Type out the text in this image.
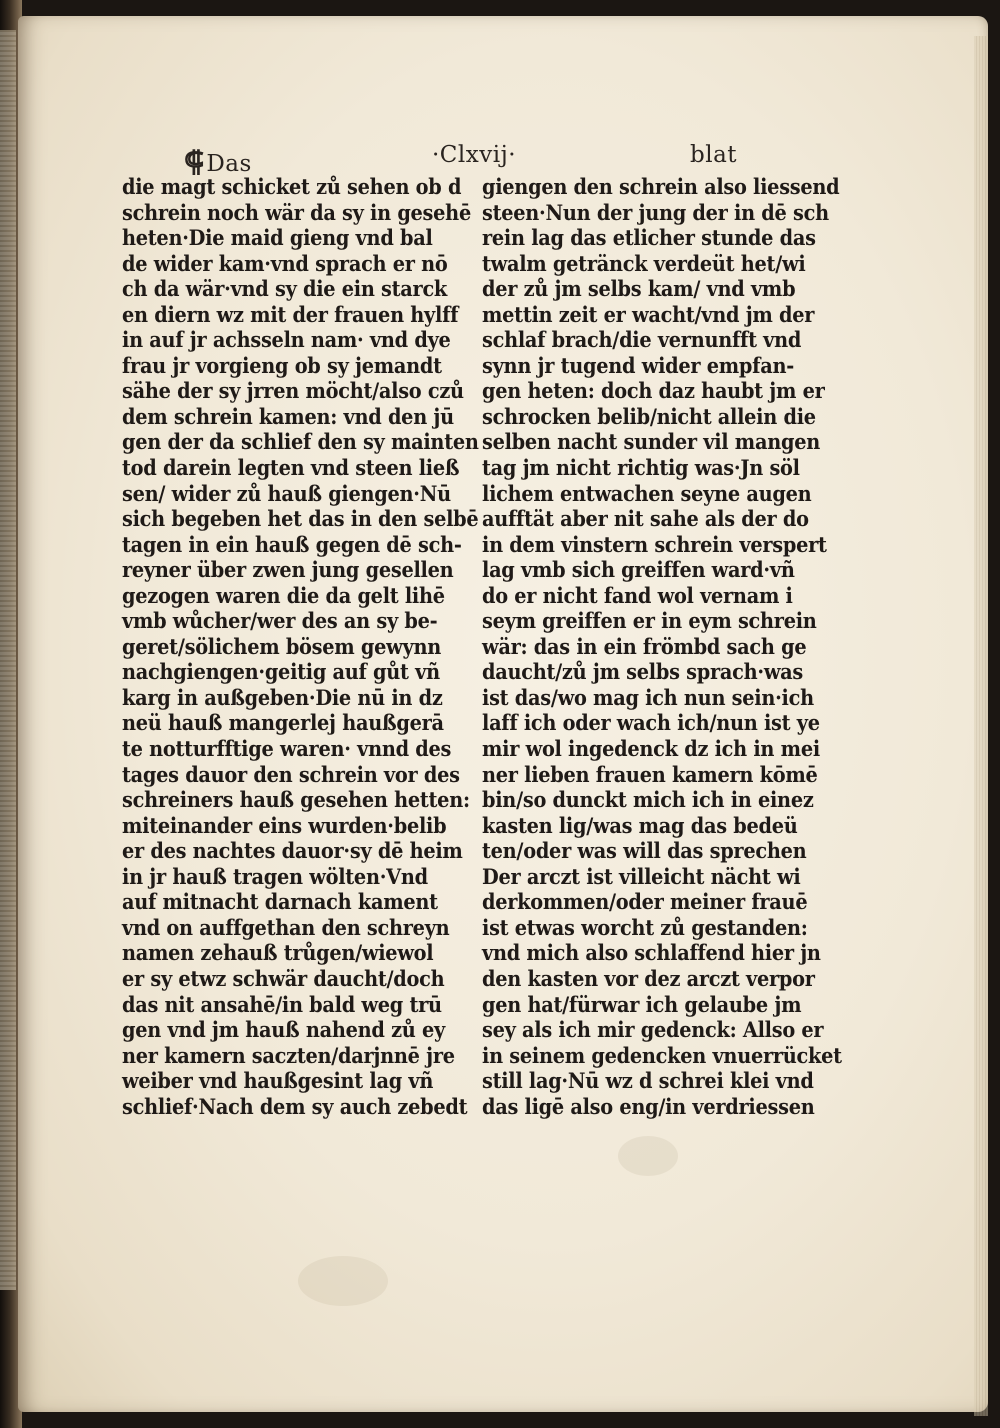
⸿Das	·Clxvij·	blat
die magt schicket zů sehen ob d
schrein noch wär da sy in gesehē
heten·Die maid gieng vnd bal
de wider kam·vnd sprach er nō
ch da wär·vnd sy die ein starck
en diern wz mit der frauen hylff
in auf jr achsseln nam· vnd dye
frau jr vorgieng ob sy jemandt
sähe der sy jrren möcht/also czů
dem schrein kamen: vnd den jū
gen der da schlief den sy mainten
tod darein legten vnd steen ließ
sen/ wider zů hauß giengen·Nū
sich begeben het das in den selbē
tagen in ein hauß gegen dē sch-
reyner über zwen jung gesellen
gezogen waren die da gelt lihē
vmb wůcher/wer des an sy be-
geret/sölichem bösem gewynn
nachgiengen·geitig auf gůt vñ
karg in außgeben·Die nū in dz
neü hauß mangerlej haußgerā
te notturfftige waren· vnnd des
tages dauor den schrein vor des
schreiners hauß gesehen hetten:
miteinander eins wurden·belib
er des nachtes dauor·sy dē heim
in jr hauß tragen wölten·Vnd
auf mitnacht darnach kament
vnd on auffgethan den schreyn
namen zehauß trůgen/wiewol
er sy etwz schwär daucht/doch
das nit ansahē/in bald weg trū
gen vnd jm hauß nahend zů ey
ner kamern saczten/darjnnē jre
weiber vnd haußgesint lag vñ
schlief·Nach dem sy auch zebedt
giengen den schrein also liessend
steen·Nun der jung der in dē sch
rein lag das etlicher stunde das
twalm getränck verdeüt het/wi
der zů jm selbs kam/ vnd vmb
mettin zeit er wacht/vnd jm der
schlaf brach/die vernunfft vnd
synn jr tugend wider empfan-
gen heten: doch daz haubt jm er
schrocken belib/nicht allein die
selben nacht sunder vil mangen
tag jm nicht richtig was·Jn söl
lichem entwachen seyne augen
aufftät aber nit sahe als der do
in dem vinstern schrein verspert
lag vmb sich greiffen ward·vñ
do er nicht fand wol vernam i
seym greiffen er in eym schrein
wär: das in ein frömbd sach ge
daucht/zů jm selbs sprach·was
ist das/wo mag ich nun sein·ich
laff ich oder wach ich/nun ist ye
mir wol ingedenck dz ich in mei
ner lieben frauen kamern kōmē
bin/so dunckt mich ich in einez
kasten lig/was mag das bedeü
ten/oder was will das sprechen
Der arczt ist villeicht nächt wi
derkommen/oder meiner frauē
ist etwas worcht zů gestanden:
vnd mich also schlaffend hier jn
den kasten vor dez arczt verpor
gen hat/fürwar ich gelaube jm
sey als ich mir gedenck: Allso er
in seinem gedencken vnuerrücket
still lag·Nū wz d schrei klei vnd
das ligē also eng/in verdriessen
